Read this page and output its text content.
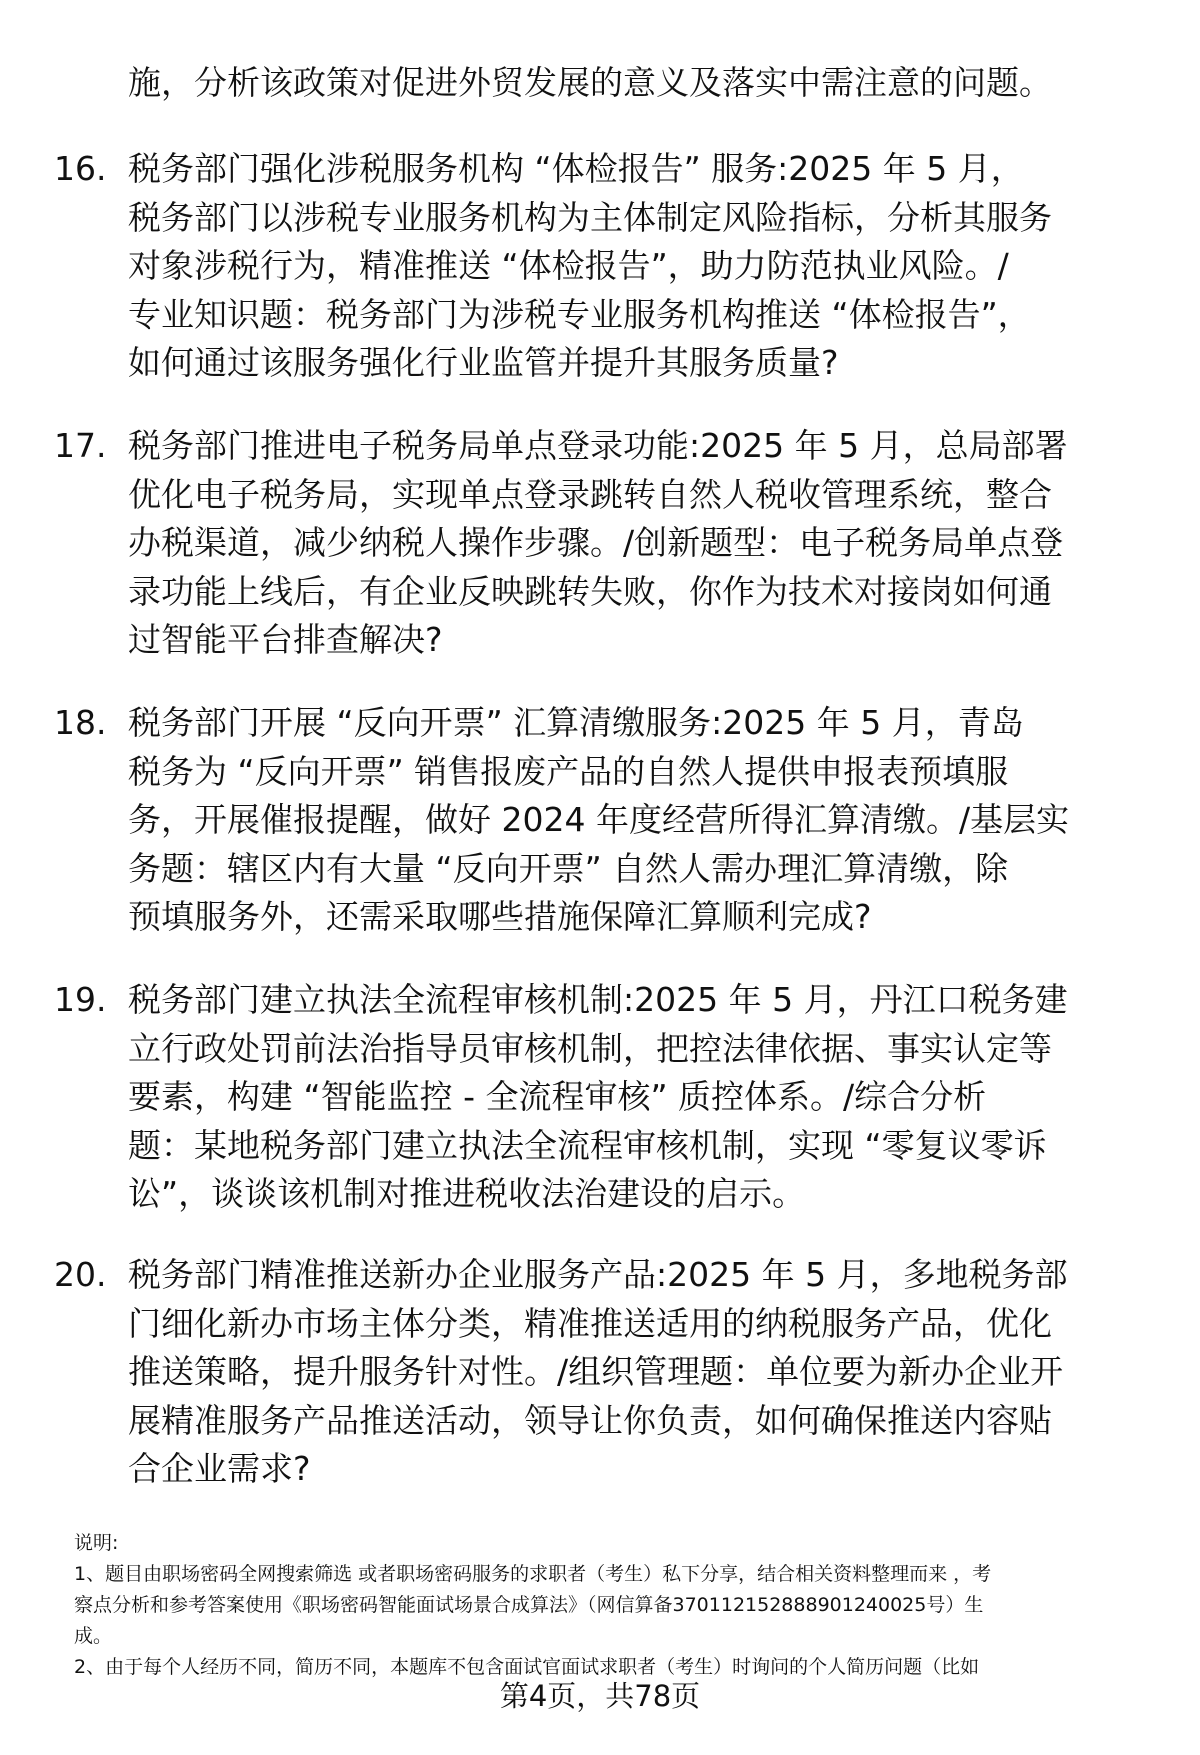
施，分析该政策对促进外贸发展的意义及落实中需注意的问题。
16. 税务部门强化涉税服务机构 “体检报告” 服务:2025 年 5 月，
税务部门以涉税专业服务机构为主体制定风险指标，分析其服务
对象涉税行为，精准推送 “体检报告”，助力防范执业风险。/
专业知识题：税务部门为涉税专业服务机构推送 “体检报告”，
如何通过该服务强化行业监管并提升其服务质量?
17. 税务部门推进电子税务局单点登录功能:2025 年 5 月，总局部署
优化电子税务局，实现单点登录跳转自然人税收管理系统，整合
办税渠道，减少纳税人操作步骤。/创新题型：电子税务局单点登
录功能上线后，有企业反映跳转失败，你作为技术对接岗如何通
过智能平台排查解决?
18. 税务部门开展 “反向开票” 汇算清缴服务:2025 年 5 月，青岛
税务为 “反向开票” 销售报废产品的自然人提供申报表预填服
务，开展催报提醒，做好 2024 年度经营所得汇算清缴。/基层实
务题：辖区内有大量 “反向开票” 自然人需办理汇算清缴，除
预填服务外，还需采取哪些措施保障汇算顺利完成?
19. 税务部门建立执法全流程审核机制:2025 年 5 月，丹江口税务建
立行政处罚前法治指导员审核机制，把控法律依据、事实认定等
要素，构建 “智能监控 - 全流程审核” 质控体系。/综合分析
题：某地税务部门建立执法全流程审核机制，实现 “零复议零诉
讼”，谈谈该机制对推进税收法治建设的启示。
20. 税务部门精准推送新办企业服务产品:2025 年 5 月，多地税务部
门细化新办市场主体分类，精准推送适用的纳税服务产品，优化
推送策略，提升服务针对性。/组织管理题：单位要为新办企业开
展精准服务产品推送活动，领导让你负责，如何确保推送内容贴
合企业需求?
说明:
1、题目由职场密码全网搜索筛选 或者职场密码服务的求职者（考生）私下分享，结合相关资料整理而来 ，考
察点分析和参考答案使用《职场密码智能面试场景合成算法》（网信算备370112152888901240025号）生
成。
2、由于每个人经历不同，简历不同，本题库不包含面试官面试求职者（考生）时询问的个人简历问题（比如
第4页，共78页
